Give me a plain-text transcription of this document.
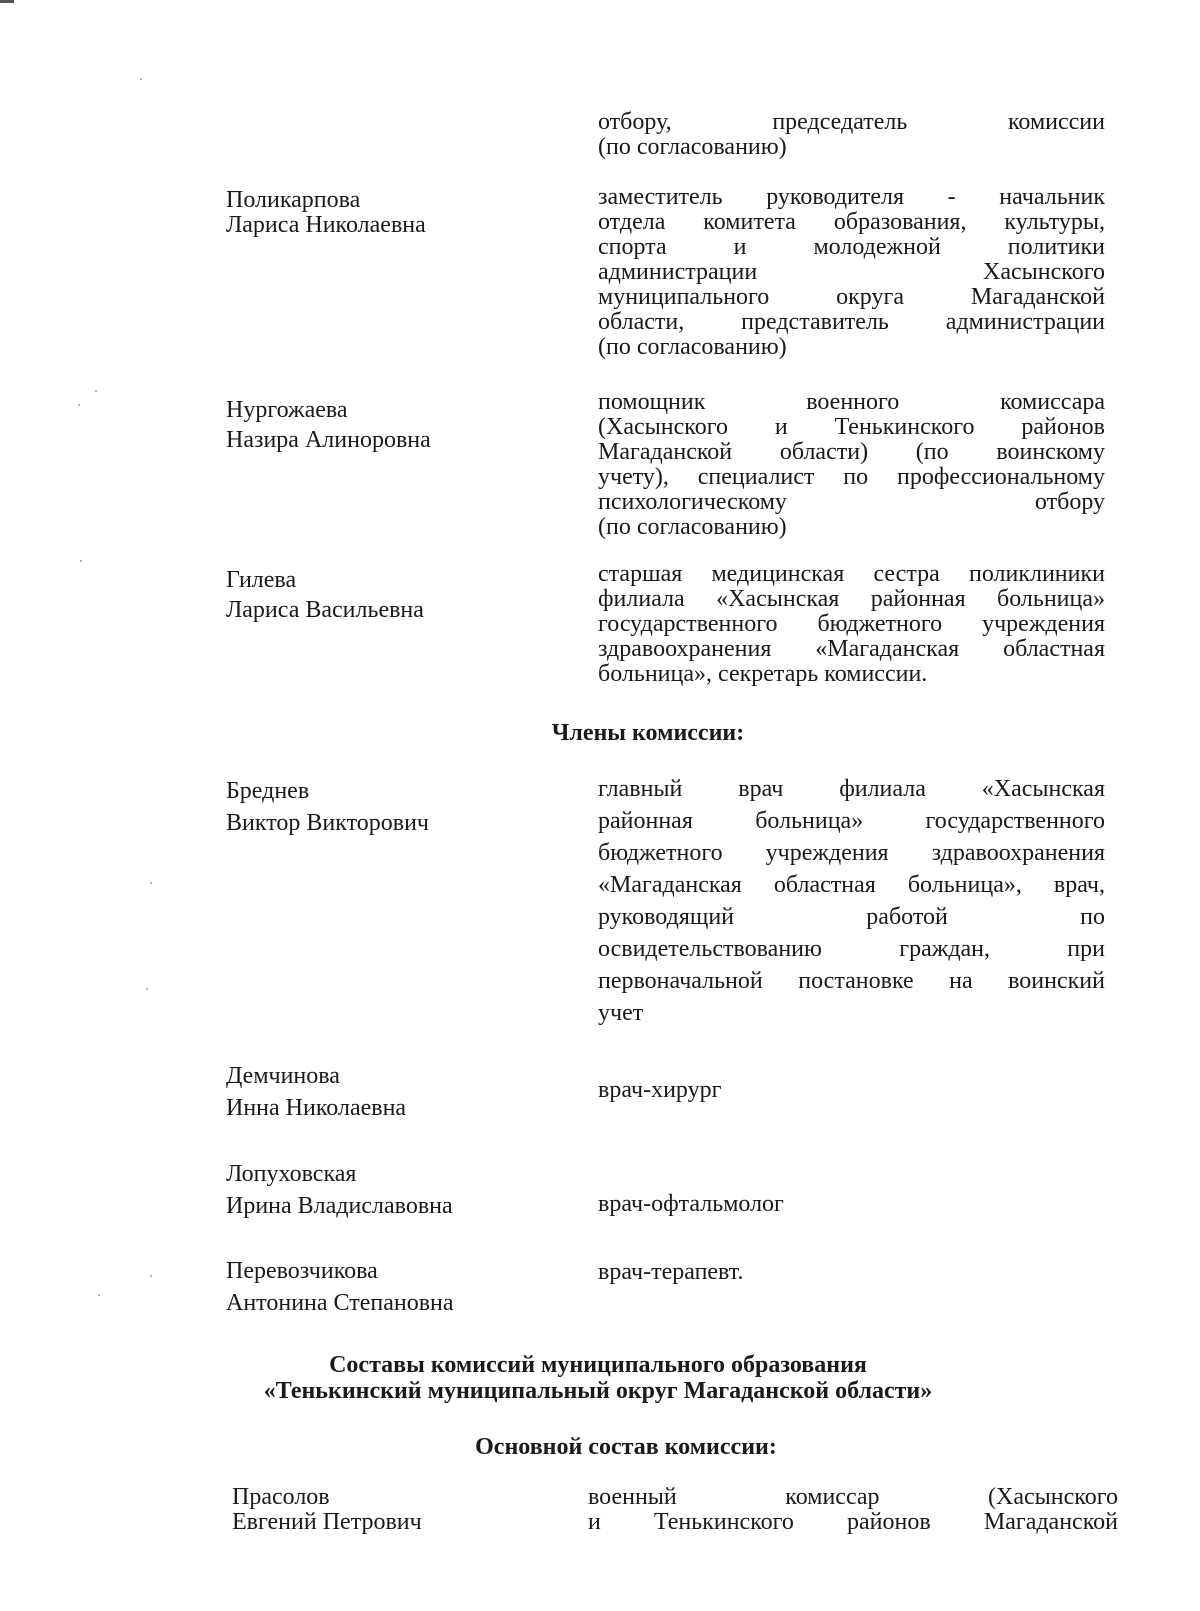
отбору, председатель комиссии
(по согласованию)
Поликарпова
Лариса Николаевна
заместитель руководителя - начальник
отдела комитета образования, культуры,
спорта и молодежной политики
администрации Хасынского
муниципального округа Магаданской
области, представитель администрации
(по согласованию)
Нургожаева
Назира Алиноровна
помощник военного комиссара
(Хасынского и Тенькинского районов
Магаданской области) (по воинскому
учету), специалист по профессиональному
психологическому отбору
(по согласованию)
Гилева
Лариса Васильевна
старшая медицинская сестра поликлиники
филиала «Хасынская районная больница»
государственного бюджетного учреждения
здравоохранения «Магаданская областная
больница», секретарь комиссии.
Члены комиссии:
Бреднев
Виктор Викторович
главный врач филиала «Хасынская
районная больница» государственного
бюджетного учреждения здравоохранения
«Магаданская областная больница», врач,
руководящий работой по
освидетельствованию граждан, при
первоначальной постановке на воинский
учет
Демчинова
Инна Николаевна
врач-хирург
Лопуховская
Ирина Владиславовна	врач-офтальмолог
Перевозчикова
Антонина Степановна
врач-терапевт.
Составы комиссий муниципального образования
«Тенькинский муниципальный округ Магаданской области»
Основной состав комиссии:
Прасолов
Евгений Петрович
военный комиссар (Хасынского
и Тенькинского районов Магаданской
